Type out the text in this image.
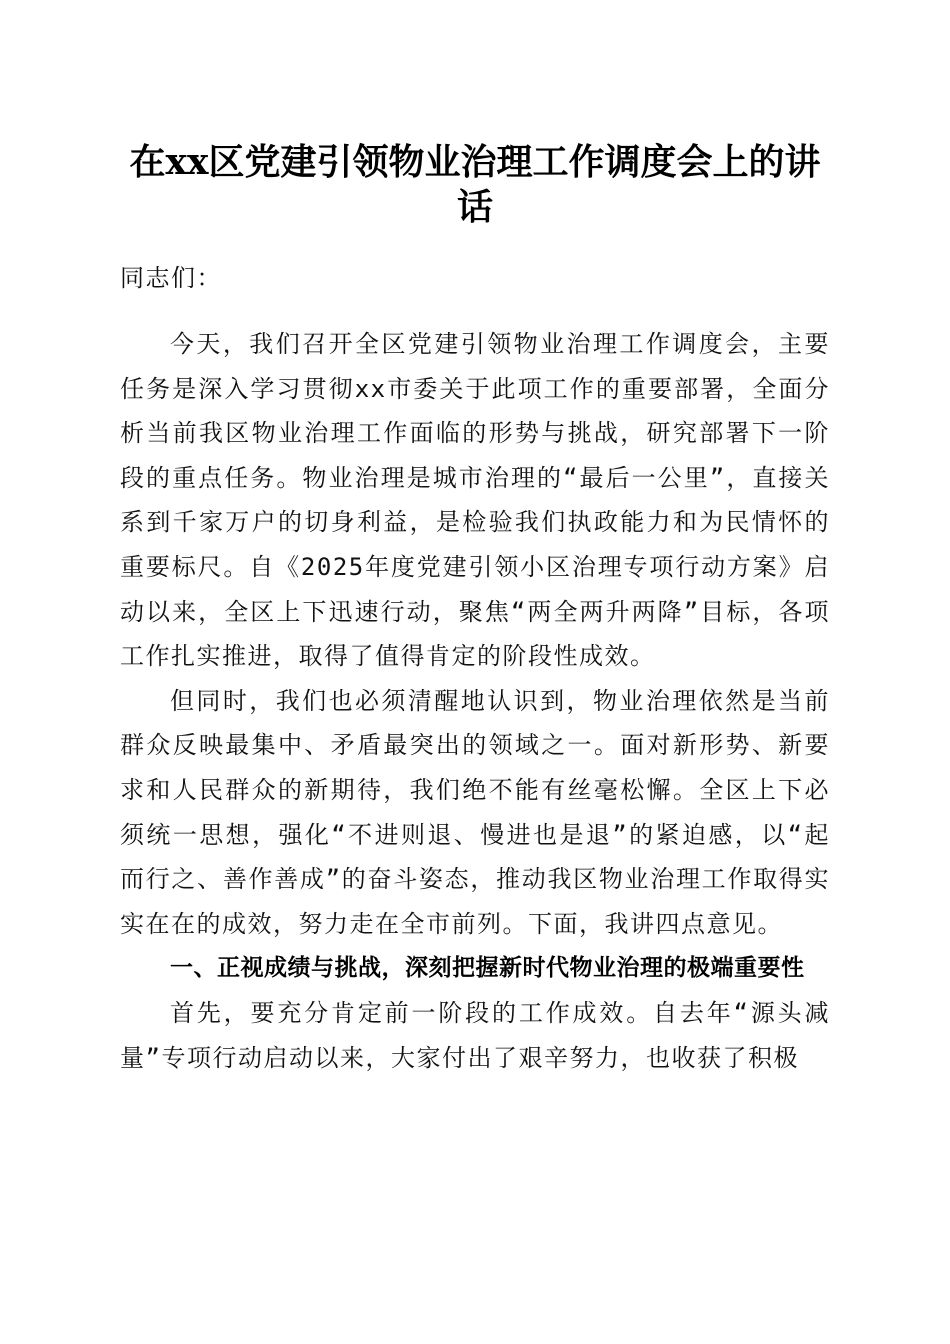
在xx区党建引领物业治理工作调度会上的讲
话

同志们：

今天，我们召开全区党建引领物业治理工作调度会，主要任务是深入学习贯彻xx市委关于此项工作的重要部署，全面分析当前我区物业治理工作面临的形势与挑战，研究部署下一阶段的重点任务。物业治理是城市治理的“最后一公里”，直接关系到千家万户的切身利益，是检验我们执政能力和为民情怀的重要标尺。自《2025年度党建引领小区治理专项行动方案》启动以来，全区上下迅速行动，聚焦“两全两升两降”目标，各项工作扎实推进，取得了值得肯定的阶段性成效。

但同时，我们也必须清醒地认识到，物业治理依然是当前群众反映最集中、矛盾最突出的领域之一。面对新形势、新要求和人民群众的新期待，我们绝不能有丝毫松懈。全区上下必须统一思想，强化“不进则退、慢进也是退”的紧迫感，以“起而行之、善作善成”的奋斗姿态，推动我区物业治理工作取得实实在在的成效，努力走在全市前列。下面，我讲四点意见。

一、正视成绩与挑战，深刻把握新时代物业治理的极端重要性

首先，要充分肯定前一阶段的工作成效。自去年“源头减量”专项行动启动以来，大家付出了艰辛努力，也收获了积极
